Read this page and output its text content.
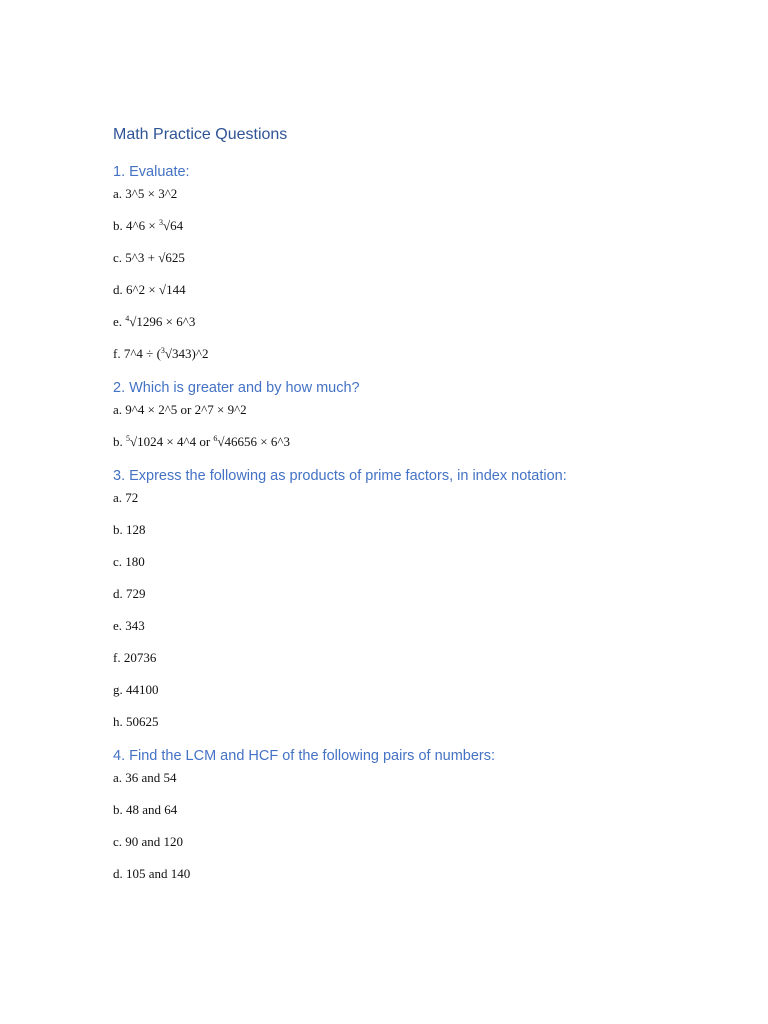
Math Practice Questions
1. Evaluate:

a. 3^5 × 3^2

b. 4^6 × $^3$√64

c. 5^3 + √625

d. 6^2 × √144

e. $^4$√1296 × 6^3

f. 7^4 ÷ ($^3$√343)^2

2. Which is greater and by how much?

a. 9^4 × 2^5 or 2^7 × 9^2

b. $^5$√1024 × 4^4 or $^6$√46656 × 6^3

3. Express the following as products of prime factors, in index notation:

a. 72

b. 128

c. 180

d. 729

e. 343

f. 20736

g. 44100

h. 50625

4. Find the LCM and HCF of the following pairs of numbers:

a. 36 and 54

b. 48 and 64

c. 90 and 120

d. 105 and 140
